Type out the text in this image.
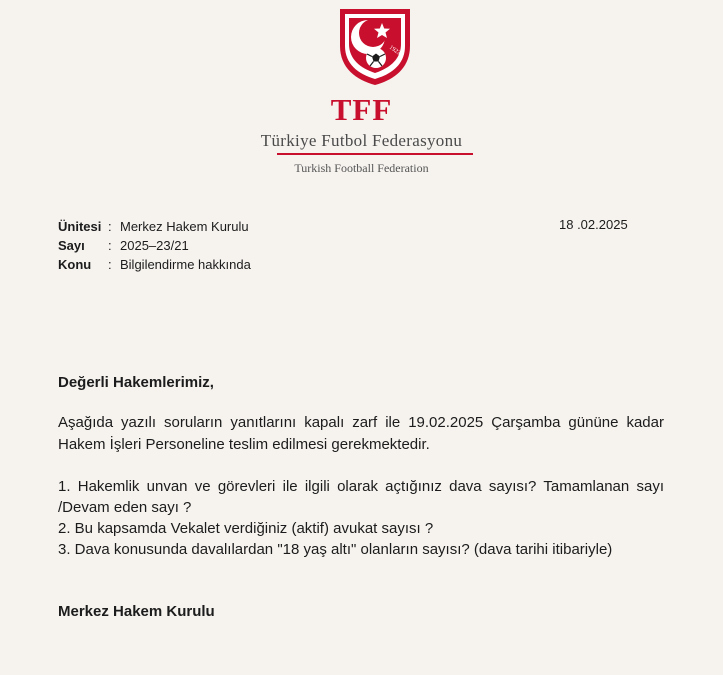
1923
TFF
Türkiye Futbol Federasyonu
Turkish Football Federation
Ünitesi : Merkez Hakem Kurulu
Sayı	: 2025–23/21
Konu	: Bilgilendirme hakkında
18 .02.2025
Değerli Hakemlerimiz,
Aşağıda yazılı soruların yanıtlarını kapalı zarf ile 19.02.2025 Çarşamba gününe kadar Hakem İşleri Personeline teslim edilmesi gerekmektedir.
1. Hakemlik unvan ve görevleri ile ilgili olarak açtığınız dava sayısı? Tamamlanan sayı /Devam eden sayı ?
2. Bu kapsamda Vekalet verdiğiniz (aktif) avukat sayısı ?
3. Dava konusunda davalılardan "18 yaş altı" olanların sayısı? (dava tarihi itibariyle)
Merkez Hakem Kurulu
